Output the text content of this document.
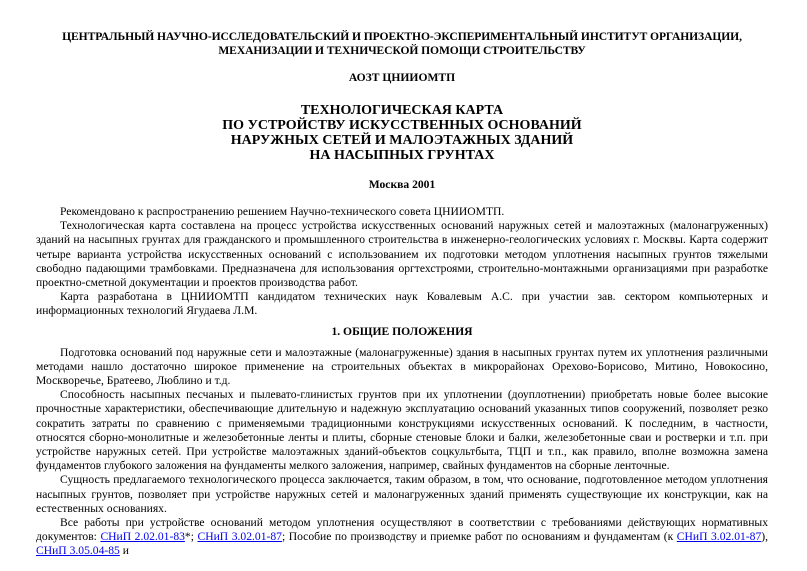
ЦЕНТРАЛЬНЫЙ НАУЧНО-ИССЛЕДОВАТЕЛЬСКИЙ И ПРОЕКТНО-ЭКСПЕРИМЕНТАЛЬНЫЙ ИНСТИТУТ ОРГАНИЗАЦИИ,
МЕХАНИЗАЦИИ И ТЕХНИЧЕСКОЙ ПОМОЩИ СТРОИТЕЛЬСТВУ
АОЗТ ЦНИИОМТП
ТЕХНОЛОГИЧЕСКАЯ КАРТА
ПО УСТРОЙСТВУ ИСКУССТВЕННЫХ ОСНОВАНИЙ
НАРУЖНЫХ СЕТЕЙ И МАЛОЭТАЖНЫХ ЗДАНИЙ
НА НАСЫПНЫХ ГРУНТАХ
Москва 2001

Рекомендовано к распространению решением Научно-технического совета ЦНИИОМТП.

Технологическая карта составлена на процесс устройства искусственных оснований наружных сетей и малоэтажных (малонагруженных) зданий на насыпных грунтах для гражданского и промышленного строительства в инженерно-геологических условиях г. Москвы. Карта содержит четыре варианта устройства искусственных оснований с использованием их подготовки методом уплотнения насыпных грунтов тяжелыми свободно падающими трамбовками. Предназначена для использования оргтехстроями, строительно-монтажными организациями при разработке проектно-сметной документации и проектов производства работ.

Карта разработана в ЦНИИОМТП кандидатом технических наук Ковалевым А.С. при участии зав. сектором компьютерных и информационных технологий Ягудаева Л.М.

1. ОБЩИЕ ПОЛОЖЕНИЯ

Подготовка оснований под наружные сети и малоэтажные (малонагруженные) здания в насыпных грунтах путем их уплотнения различными методами нашло достаточно широкое применение на строительных объектах в микрорайонах Орехово-Борисово, Митино, Новокосино, Москворечье, Братеево, Люблино и т.д.

Способность насыпных песчаных и пылевато-глинистых грунтов при их уплотнении (доуплотнении) приобретать новые более высокие прочностные характеристики, обеспечивающие длительную и надежную эксплуатацию оснований указанных типов сооружений, позволяет резко сократить затраты по сравнению с применяемыми традиционными конструкциями искусственных оснований. К последним, в частности, относятся сборно-монолитные и железобетонные ленты и плиты, сборные стеновые блоки и балки, железобетонные сваи и ростверки и т.п. при устройстве наружных сетей. При устройстве малоэтажных зданий-объектов соцкультбыта, ТЦП и т.п., как правило, вполне возможна замена фундаментов глубокого заложения на фундаменты мелкого заложения, например, свайных фундаментов на сборные ленточные.

Сущность предлагаемого технологического процесса заключается, таким образом, в том, что основание, подготовленное методом уплотнения насыпных грунтов, позволяет при устройстве наружных сетей и малонагруженных зданий применять существующие их конструкции, как на естественных основаниях.

Все работы при устройстве оснований методом уплотнения осуществляют в соответствии с требованиями действующих нормативных документов: СНиП 2.02.01-83*; СНиП 3.02.01-87; Пособие по производству и приемке работ по основаниям и фундаментам (к СНиП 3.02.01-87), СНиП 3.05.04-85 и
